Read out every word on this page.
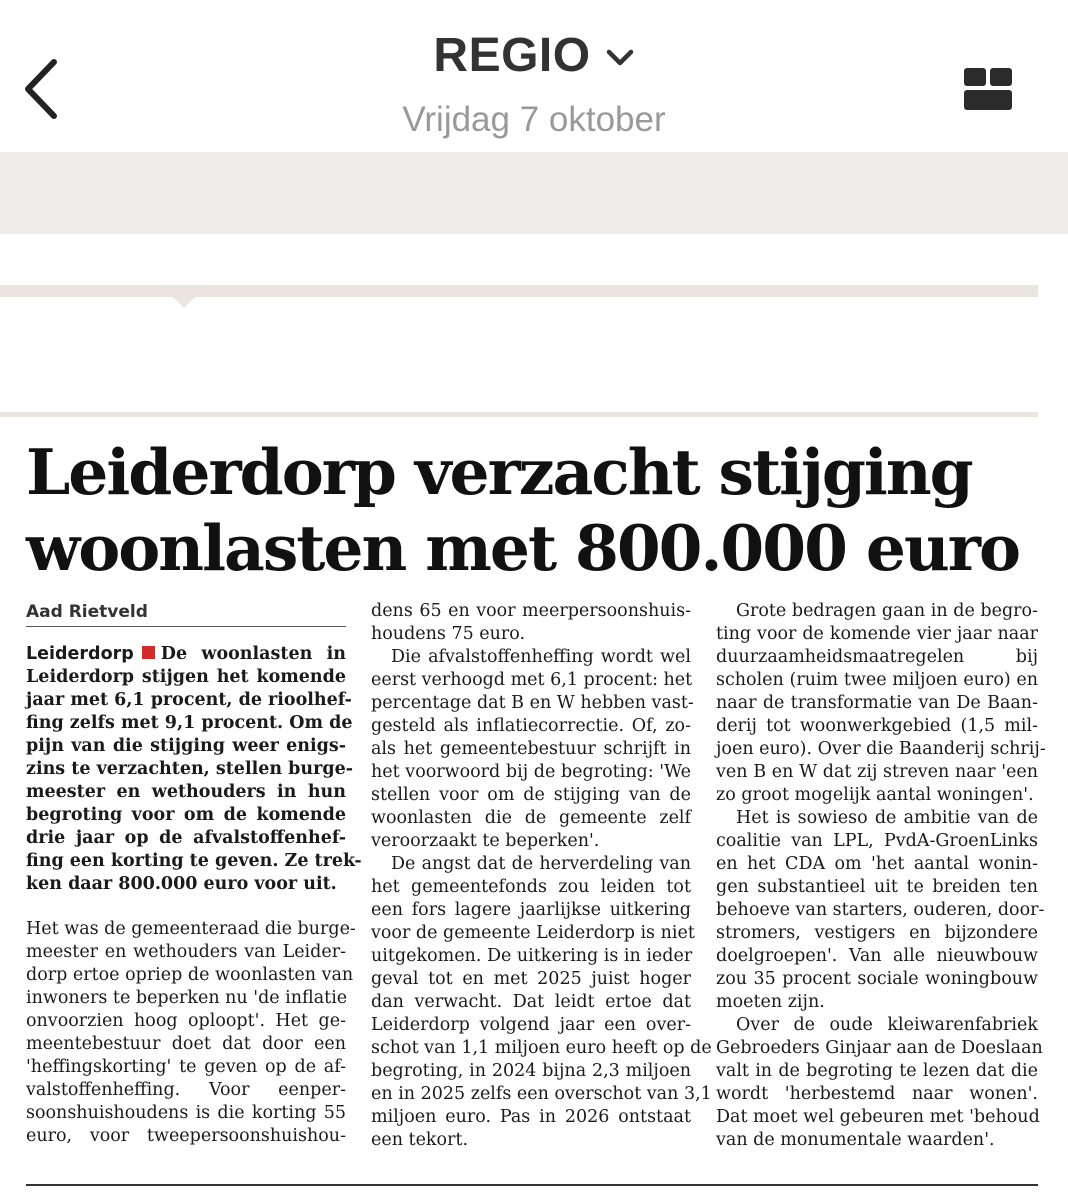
REGIO
Vrijdag 7 oktober
Leiderdorp verzacht stijging
woonlasten met 800.000 euro
Aad Rietveld
Leiderdorp De woonlasten in
Leiderdorp stijgen het komende
jaar met 6,1 procent, de rioolhef-
fing zelfs met 9,1 procent. Om de
pijn van die stijging weer enigs-
zins te verzachten, stellen burge-
meester en wethouders in hun
begroting voor om de komende
drie jaar op de afvalstoffenhef-
fing een korting te geven. Ze trek-
ken daar 800.000 euro voor uit.
Het was de gemeenteraad die burge-
meester en wethouders van Leider-
dorp ertoe opriep de woonlasten van
inwoners te beperken nu 'de inflatie
onvoorzien hoog oploopt'. Het ge-
meentebestuur doet dat door een
'heffingskorting' te geven op de af-
valstoffenheffing. Voor eenper-
soonshuishoudens is die korting 55
euro, voor tweepersoonshuishou-
dens 65 en voor meerpersoonshuis-
houdens 75 euro.
Die afvalstoffenheffing wordt wel
eerst verhoogd met 6,1 procent: het
percentage dat B en W hebben vast-
gesteld als inflatiecorrectie. Of, zo-
als het gemeentebestuur schrijft in
het voorwoord bij de begroting: 'We
stellen voor om de stijging van de
woonlasten die de gemeente zelf
veroorzaakt te beperken'.
De angst dat de herverdeling van
het gemeentefonds zou leiden tot
een fors lagere jaarlijkse uitkering
voor de gemeente Leiderdorp is niet
uitgekomen. De uitkering is in ieder
geval tot en met 2025 juist hoger
dan verwacht. Dat leidt ertoe dat
Leiderdorp volgend jaar een over-
schot van 1,1 miljoen euro heeft op de
begroting, in 2024 bijna 2,3 miljoen
en in 2025 zelfs een overschot van 3,1
miljoen euro. Pas in 2026 ontstaat
een tekort.
Grote bedragen gaan in de begro-
ting voor de komende vier jaar naar
duurzaamheidsmaatregelen bij
scholen (ruim twee miljoen euro) en
naar de transformatie van De Baan-
derij tot woonwerkgebied (1,5 mil-
joen euro). Over die Baanderij schrij-
ven B en W dat zij streven naar 'een
zo groot mogelijk aantal woningen'.
Het is sowieso de ambitie van de
coalitie van LPL, PvdA-GroenLinks
en het CDA om 'het aantal wonin-
gen substantieel uit te breiden ten
behoeve van starters, ouderen, door-
stromers, vestigers en bijzondere
doelgroepen'. Van alle nieuwbouw
zou 35 procent sociale woningbouw
moeten zijn.
Over de oude kleiwarenfabriek
Gebroeders Ginjaar aan de Doeslaan
valt in de begroting te lezen dat die
wordt 'herbestemd naar wonen'.
Dat moet wel gebeuren met 'behoud
van de monumentale waarden'.
